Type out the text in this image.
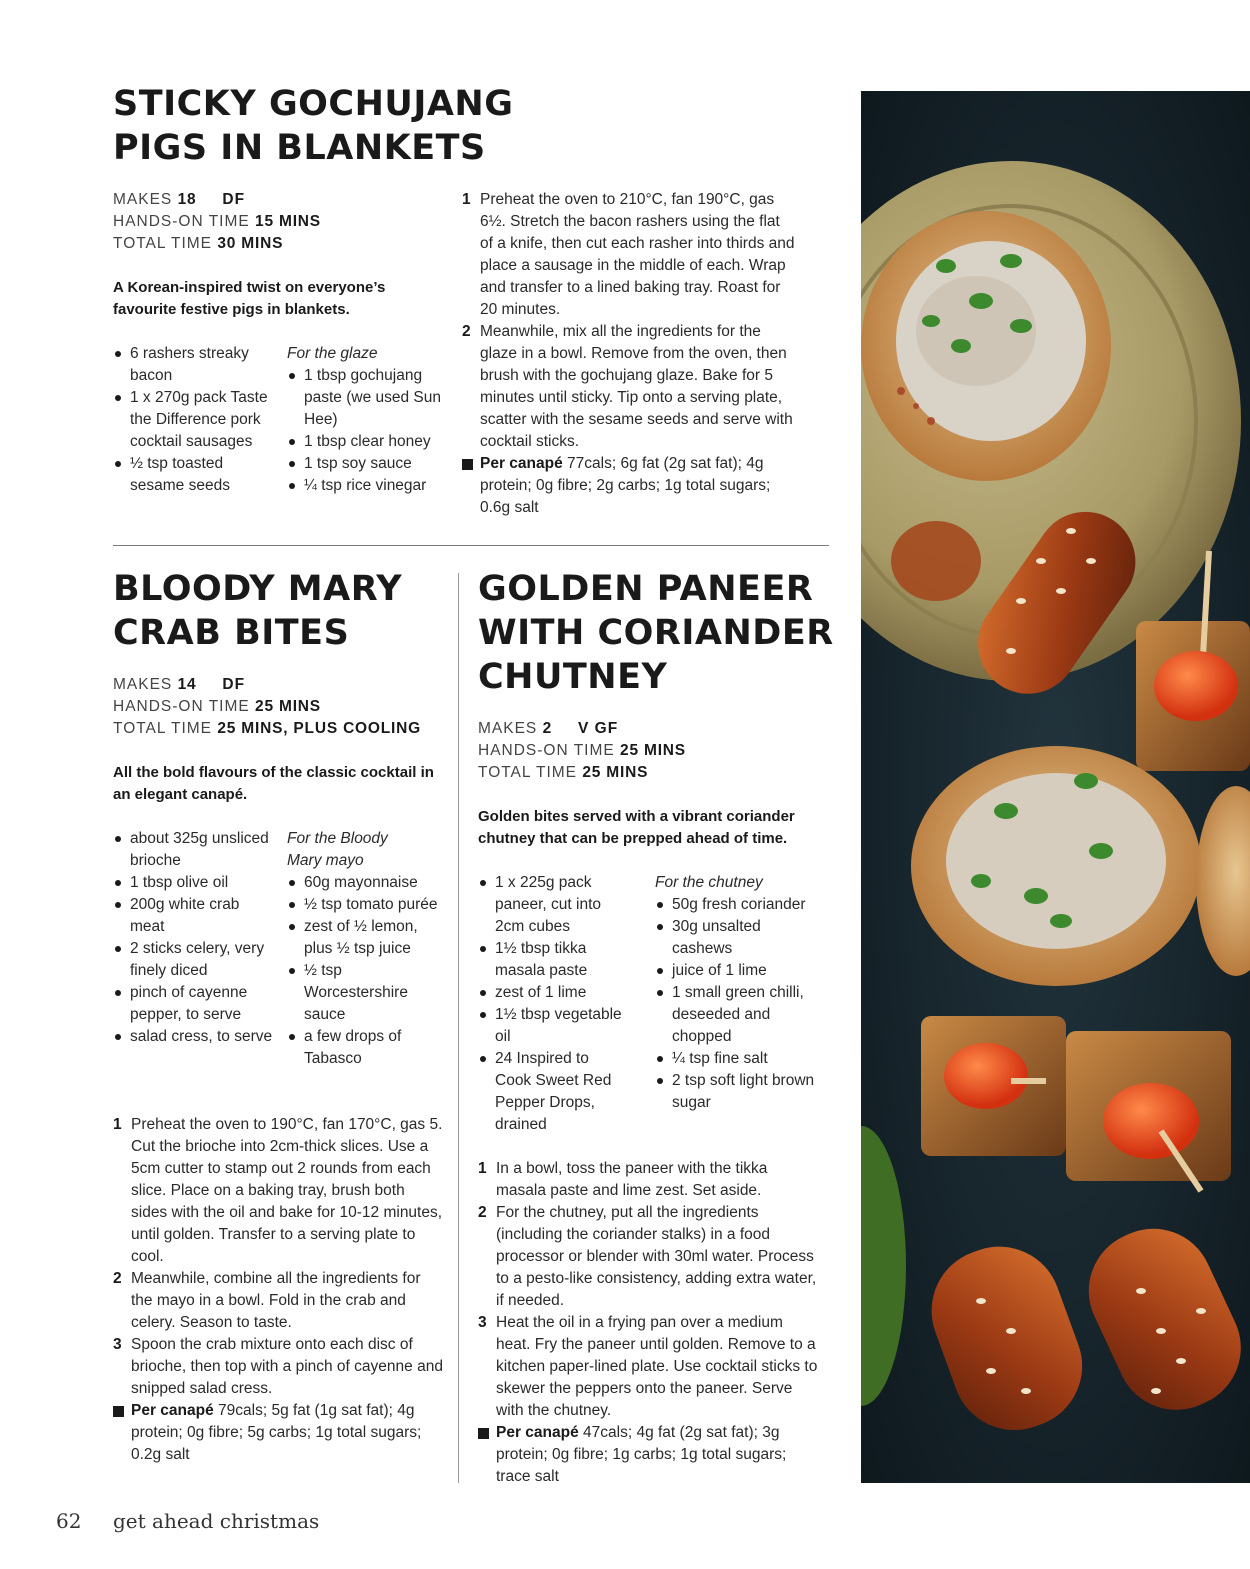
STICKY GOCHUJANG
PIGS IN BLANKETS
MAKES 18 DF
HANDS-ON TIME 15 MINS
TOTAL TIME 30 MINS
A Korean-inspired twist on everyone’s favourite festive pigs in blankets.
6 rashers streaky bacon
1 x 270g pack Taste the Difference pork cocktail sausages
½ tsp toasted sesame seeds
For the glaze
1 tbsp gochujang paste (we used Sun Hee)
1 tbsp clear honey
1 tsp soy sauce
¼ tsp rice vinegar
1 Preheat the oven to 210°C, fan 190°C, gas 6½. Stretch the bacon rashers using the flat of a knife, then cut each rasher into thirds and place a sausage in the middle of each. Wrap and transfer to a lined baking tray. Roast for 20 minutes.
2 Meanwhile, mix all the ingredients for the glaze in a bowl. Remove from the oven, then brush with the gochujang glaze. Bake for 5 minutes until sticky. Tip onto a serving plate, scatter with the sesame seeds and serve with cocktail sticks.
Per canapé 77cals; 6g fat (2g sat fat); 4g protein; 0g fibre; 2g carbs; 1g total sugars; 0.6g salt
BLOODY MARY
CRAB BITES
MAKES 14 DF
HANDS-ON TIME 25 MINS
TOTAL TIME 25 MINS, PLUS COOLING
All the bold flavours of the classic cocktail in an elegant canapé.
about 325g unsliced brioche
1 tbsp olive oil
200g white crab meat
2 sticks celery, very finely diced
pinch of cayenne pepper, to serve
salad cress, to serve
For the Bloody Mary mayo
60g mayonnaise
½ tsp tomato purée
zest of ½ lemon, plus ½ tsp juice
½ tsp Worcestershire sauce
a few drops of Tabasco
1 Preheat the oven to 190°C, fan 170°C, gas 5. Cut the brioche into 2cm-thick slices. Use a 5cm cutter to stamp out 2 rounds from each slice. Place on a baking tray, brush both sides with the oil and bake for 10-12 minutes, until golden. Transfer to a serving plate to cool.
2 Meanwhile, combine all the ingredients for the mayo in a bowl. Fold in the crab and celery. Season to taste.
3 Spoon the crab mixture onto each disc of brioche, then top with a pinch of cayenne and snipped salad cress.
Per canapé 79cals; 5g fat (1g sat fat); 4g protein; 0g fibre; 5g carbs; 1g total sugars; 0.2g salt
GOLDEN PANEER
WITH CORIANDER
CHUTNEY
MAKES 2 V GF
HANDS-ON TIME 25 MINS
TOTAL TIME 25 MINS
Golden bites served with a vibrant coriander chutney that can be prepped ahead of time.
1 x 225g pack paneer, cut into 2cm cubes
1½ tbsp tikka masala paste
zest of 1 lime
1½ tbsp vegetable oil
24 Inspired to Cook Sweet Red Pepper Drops, drained
For the chutney
50g fresh coriander
30g unsalted cashews
juice of 1 lime
1 small green chilli, deseeded and chopped
¼ tsp fine salt
2 tsp soft light brown sugar
1 In a bowl, toss the paneer with the tikka masala paste and lime zest. Set aside.
2 For the chutney, put all the ingredients (including the coriander stalks) in a food processor or blender with 30ml water. Process to a pesto-like consistency, adding extra water, if needed.
3 Heat the oil in a frying pan over a medium heat. Fry the paneer until golden. Remove to a kitchen paper-lined plate. Use cocktail sticks to skewer the peppers onto the paneer. Serve with the chutney.
Per canapé 47cals; 4g fat (2g sat fat); 3g protein; 0g fibre; 1g carbs; 1g total sugars; trace salt
62 get ahead christmas
